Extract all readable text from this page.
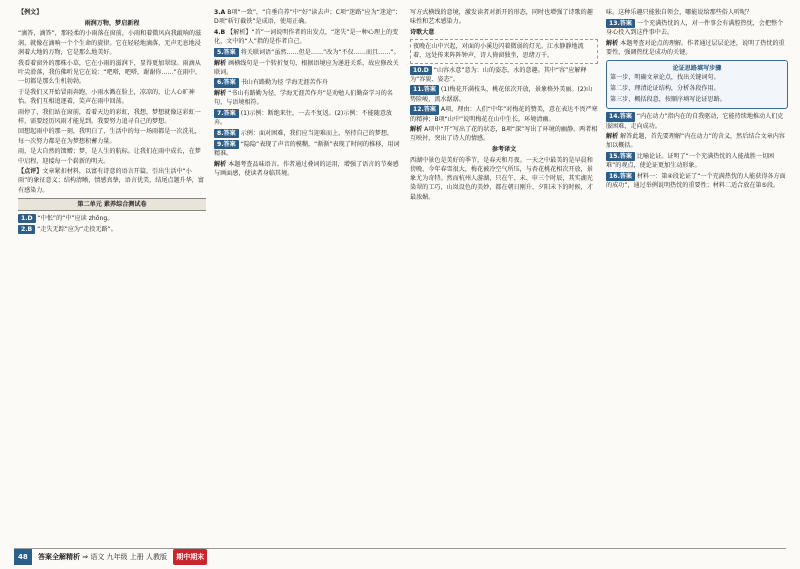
【例文】

雨润万物，梦启新程

“滴答，滴答”，那轻柔的小雨落在窗前，小雨和着微风向我敲响的滋润，就像在滴响一个个生命的旋律。它在轻轻地滴落，无声无息地浸润着大地的万物，它是那么地美好。

我看着窗外的那株小草，它在小雨的滋润下，显得更加翠绿。雨滴从叶尖滑落，我仿佛听见它在说：“吧嗒，吧嗒，谢谢你……”在雨中，一切都是那么生机勃勃。

于是我们又开始冒雨奔跑，小雨水溅在脸上，凉凉的，让人心旷神怡。我们互相追逐着，笑声在雨中回荡。

雨停了，我们站在窗前，看着天边的彩虹，我想，梦想就像这彩虹一样，需要经历风雨才能见到。我要努力追寻自己的梦想。

回想起雨中的那一刻，我明白了，生活中的每一场雨都是一次洗礼，每一次努力都是在为梦想积蓄力量。

雨，是大自然的馈赠；梦，是人生的航标。让我们在雨中成长，在梦中启程，迎接每一个崭新的明天。

【点评】文章紧扣材料，以富有诗意的语言开篇，引出生活中“小雨”的象征意义；结构清晰，情感真挚，语言优美，结尾点题升华，富有感染力。

第二单元 素养综合测试卷

1.D “中怅”的“中”应读 zhōng。

2.B “走失无踪”应为“走投无路”。

3.A B项“一致”，“自垂自养”中“好”读去声；C项“迷路”应为“迷途”；D项“斩钉截铁”是成语，使用正确。

4.B 【解析】“首”一词说明作者的出发点，“迷失”是一种心理上的变化，文中的“人”指的是作者自己。

5.答案 将关联词语“虽然……但是……”改为“不仅……而且……”。

解析 画横线句是一个转折复句，根据语境应为递进关系，故应修改关联词。

6.答案 书山有路勤为径 学海无涯苦作舟

解析 “书山有路勤为径，学海无涯苦作舟”是劝勉人们勤奋学习的名句，与语境相符。

7.答案 (1)示例：断绝来往，一去不复返。(2)示例：不能随意放弃。

8.答案 示例：面对困难，我们应当迎难而上，坚持自己的梦想。

9.答案 “隐隐”表现了声音的模糊，“渐渐”表现了时间的推移，用词精准。

解析 本题考查品味语言。作者通过叠词的运用，增强了语言的节奏感与画面感，使读者身临其境。

写方式横线的意境，激发读者对新开的形态，同时也增强了诗歌的趣味性和艺术感染力。

诗歌大意

夜晚在山中兴起，对面的小溪边闪着微弱的灯光。江水静静地流着，远处传来阵阵钟声，诗人倚窗独坐，思绪万千。

10.D “山容水意”意为：山的姿态，水的意趣。其中“容”应解释为“容貌、姿态”。

11.答案 (1)梅花开满枝头，桃花依次开放，景象格外美丽。(2)山势险峻，流水潺潺。

12.答案 A项，理由：人们“中年”对梅花的赞美，意在表达不畏严寒的精神；B项“山中”说明梅花在山中生长，环境清幽。

解析 A项中“开”写出了花的状态，B项“深”写出了环境的幽静。两者相互映衬，突出了诗人的情感。

参考译文

西湖中景色是美好的季节，是春天和月夜。一天之中最美的是早晨和傍晚，今年春雪很大，梅花被冷空气所压，与杏花桃花相次开放，景象尤为奇特。然而杭州人游湖，只在午、未、申三个时辰，其实湖光染翠的工巧，山岚设色的美妙，都在朝日刚升、夕阳未下的时候，才最浓媚。

味。这种乐趣只能独自领会，哪能说给那些俗人听呢？

13.答案 一个充满热忱的人，对一件事会有满腔热忱，会把整个身心投入到这件事中去。

解析 本题考查对论点的理解。作者通过层层论述，说明了热忱的重要性，强调热忱是成功的关键。

论证思路填写步骤

第一步，明确文章论点，找出关键词句。

第二步，理清论证结构，分析各段作用。

第三步，概括段意，按顺序填写论证思路。

14.答案 “内在动力”指内在的自我驱动，它能持续地推动人们克服困难，走向成功。

解析 解答此题，首先要理解“内在动力”的含义，然后结合文章内容加以概括。

15.答案 比喻论证。证明了“一个充满热忱的人能战胜一切困难”的观点，使论证更加生动形象。

16.答案 材料一：第④段论证了“一个充满热忱的人能获得各方面的成功”，通过举例说明热忱的重要性；材料二适合放在第⑤段。

48 答案全解精析 ⇒ 语文 九年级 上册 人教版 期中期末
